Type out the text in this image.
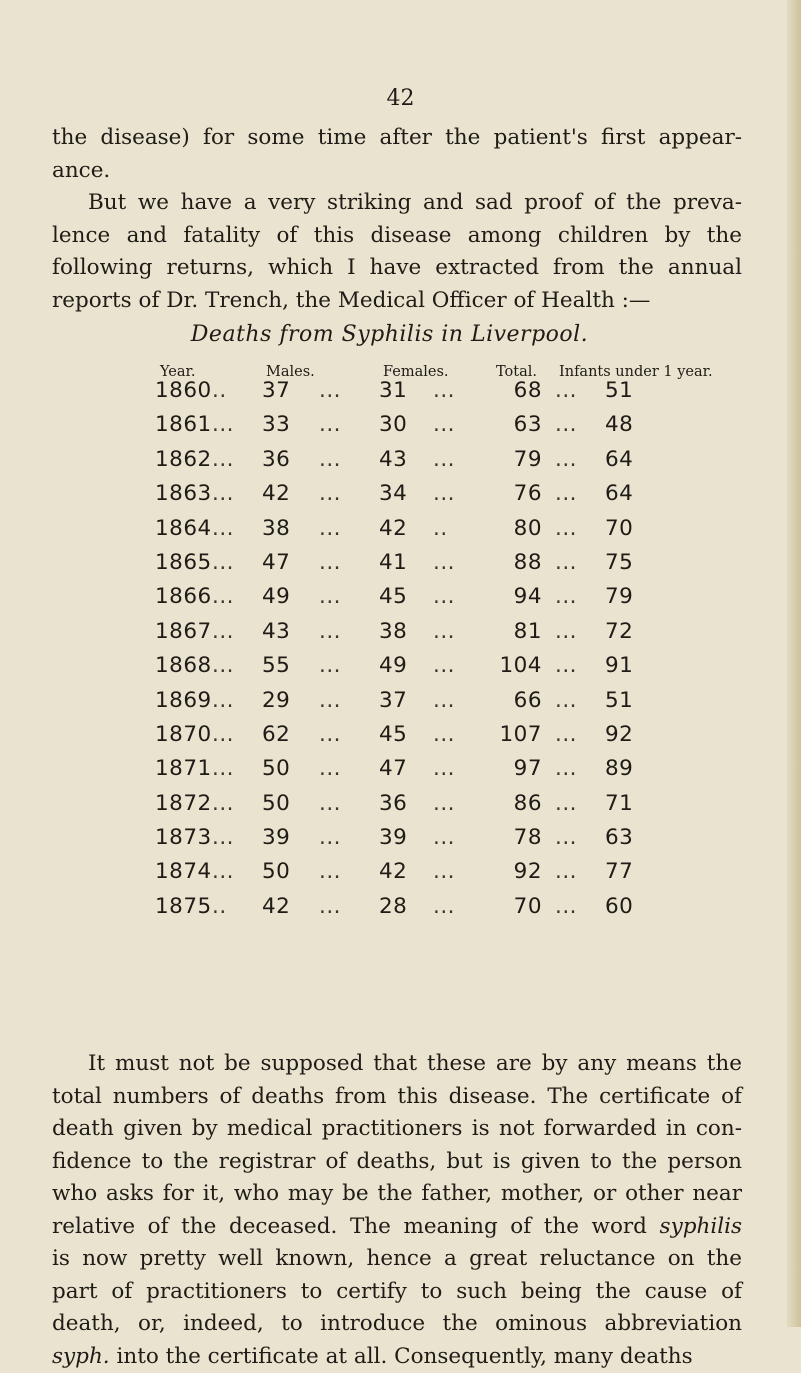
42

the disease) for some time after the patient's first appear-
ance.

But we have a very striking and sad proof of the preva-
lence and fatality of this disease among children by the
following returns, which I have extracted from the annual
reports of Dr. Trench, the Medical Officer of Health :—

Deaths from Syphilis in Liverpool.
Year.	Males.	Females.	Total. Infants under 1 year.
1860 .. 37 ... 31 ...	68 ... 51
1861 ... 33 ... 30 ...	63 ... 48
1862 ... 36 ... 43 ...	79 ... 64
1863 ... 42 ... 34 ...	76 ... 64
1864 ... 38 ... 42 ..	80 ... 70
1865 ... 47 ... 41 ...	88 ... 75
1866 ... 49 ... 45 ...	94 ... 79
1867 ... 43 ... 38 ...	81 ... 72
1868 ... 55 ... 49 ...	104 ... 91
1869 ... 29 ... 37 ...	66 ... 51
1870 ... 62 ... 45 ...	107 ... 92
1871 ... 50 ... 47 ...	97 ... 89
1872 ... 50 ... 36 ...	86 ... 71
1873 ... 39 ... 39 ...	78 ... 63
1874 ... 50 ... 42 ...	92 ... 77
1875 .. 42 ... 28 ...	70 ... 60

It must not be supposed that these are by any means the
total numbers of deaths from this disease. The certificate of
death given by medical practitioners is not forwarded in con-
fidence to the registrar of deaths, but is given to the person
who asks for it, who may be the father, mother, or other near
relative of the deceased. The meaning of the word syphilis
is now pretty well known, hence a great reluctance on the
part of practitioners to certify to such being the cause of
death, or, indeed, to introduce the ominous abbreviation
syph. into the certificate at all. Consequently, many deaths
